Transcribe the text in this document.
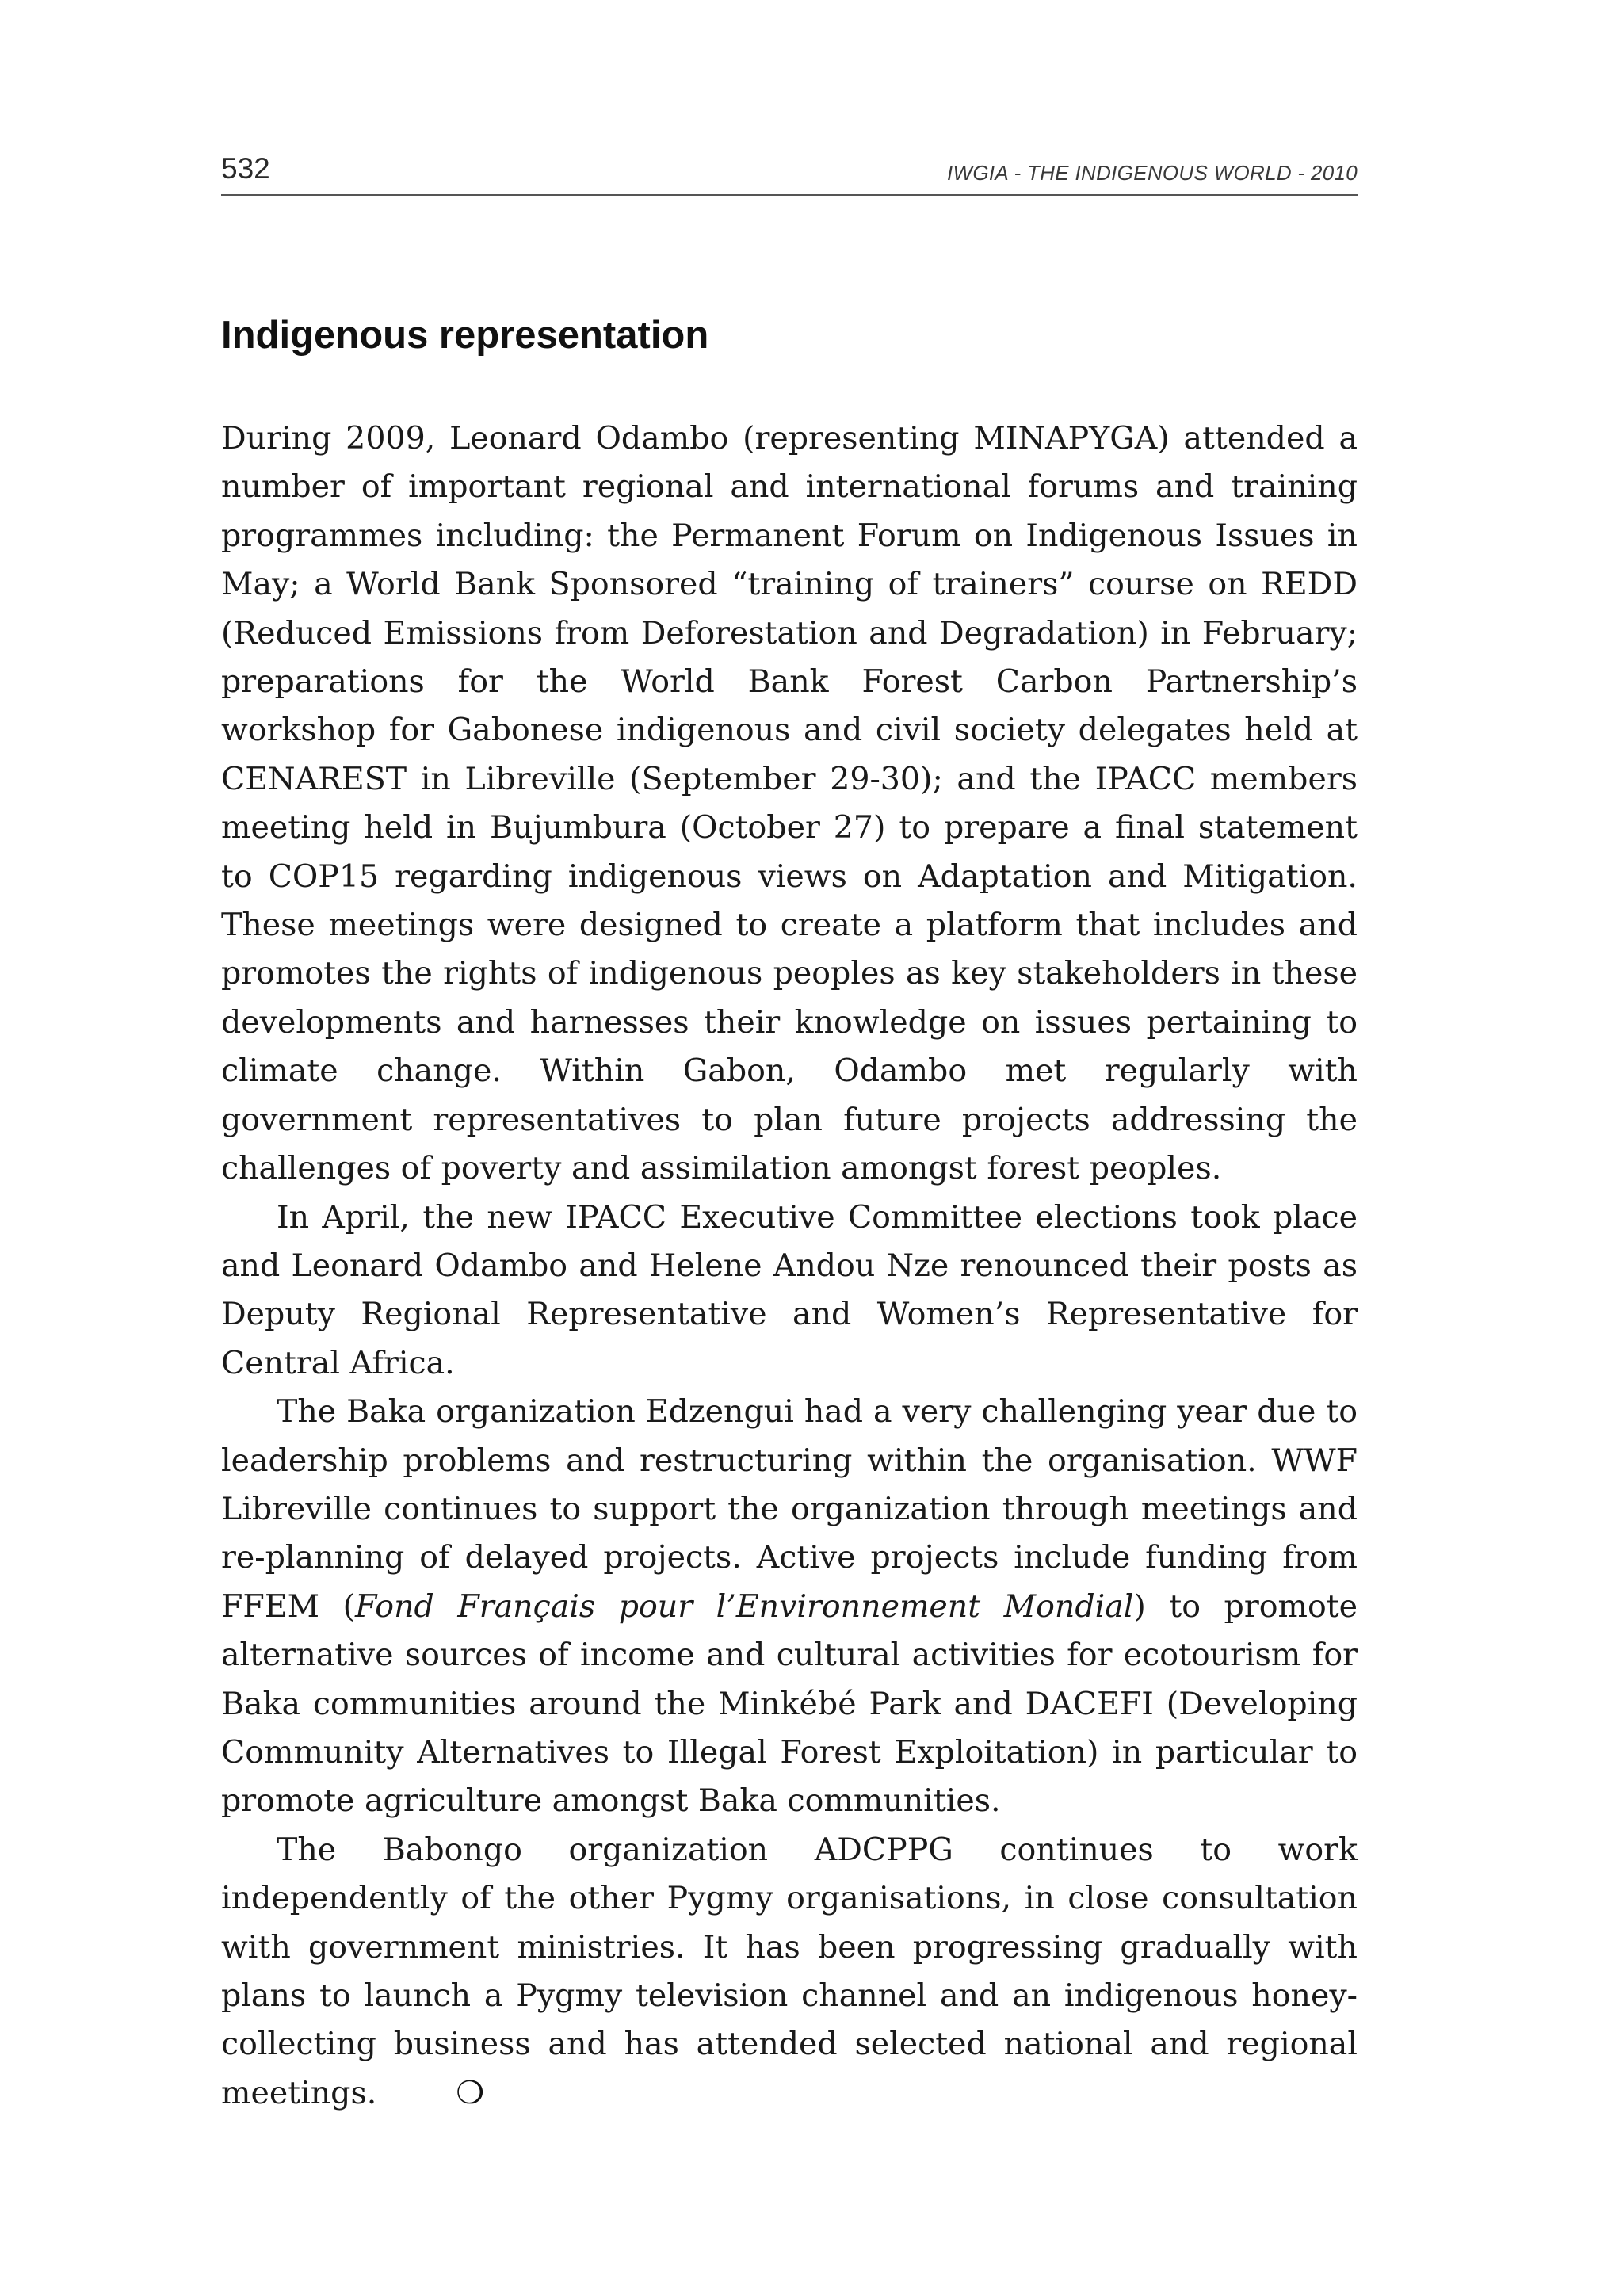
532	IWGIA - THE INDIGENOUS WORLD - 2010
Indigenous representation

During 2009, Leonard Odambo (representing MINAPYGA) attended a number of important regional and international forums and training programmes including: the Permanent Forum on Indigenous Issues in May; a World Bank Sponsored “training of trainers” course on REDD (Reduced Emissions from Deforestation and Degradation) in February; preparations for the World Bank Forest Carbon Partnership’s workshop for Gabonese indigenous and civil society delegates held at CENAREST in Libreville (September 29-30); and the IPACC members meeting held in Bujumbura (October 27) to prepare a final statement to COP15 regarding indigenous views on Adaptation and Mitigation. These meetings were designed to create a platform that includes and promotes the rights of indigenous peoples as key stakeholders in these developments and harnesses their knowledge on issues pertaining to climate change. Within Gabon, Odambo met regularly with government representatives to plan future projects addressing the challenges of poverty and assimilation amongst forest peoples.

In April, the new IPACC Executive Committee elections took place and Leonard Odambo and Helene Andou Nze renounced their posts as Deputy Regional Representative and Women’s Representative for Central Africa.

The Baka organization Edzengui had a very challenging year due to leadership problems and restructuring within the organisation. WWF Libreville continues to support the organization through meetings and re-planning of delayed projects. Active projects include funding from FFEM (Fond Français pour l’Environnement Mondial) to promote alternative sources of income and cultural activities for ecotourism for Baka communities around the Minkébé Park and DACEFI (Developing Community Alternatives to Illegal Forest Exploitation) in particular to promote agriculture amongst Baka communities.

The Babongo organization ADCPPG continues to work independently of the other Pygmy organisations, in close consultation with government ministries. It has been progressing gradually with plans to launch a Pygmy television channel and an indigenous honey-collecting business and has attended selected national and regional meetings.	❍
